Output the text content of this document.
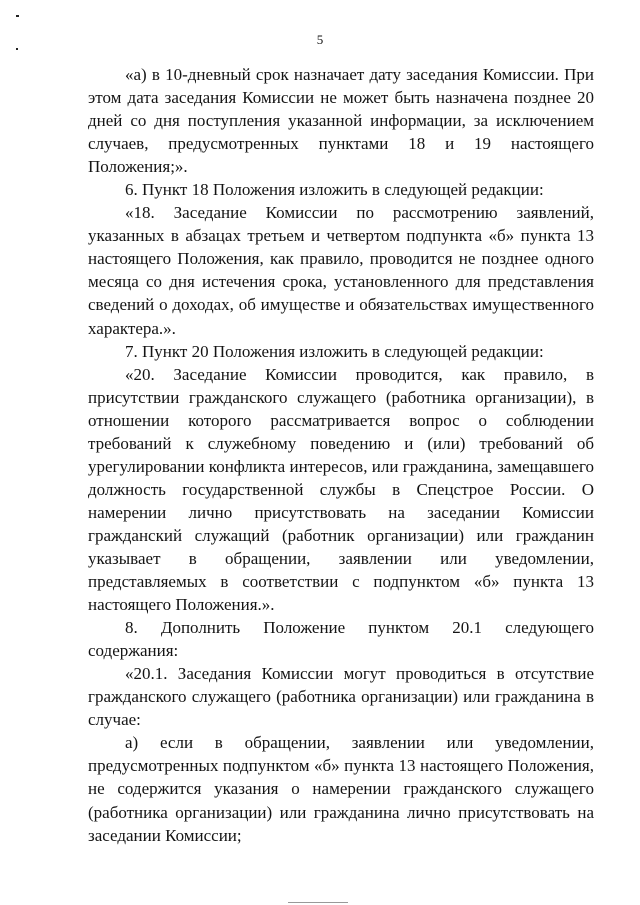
5

«а) в 10-дневный срок назначает дату заседания Комиссии. При этом дата заседания Комиссии не может быть назначена позднее 20 дней со дня поступления указанной информации, за исключением случаев, предусмотренных пунктами 18 и 19 настоящего Положения;».

6. Пункт 18 Положения изложить в следующей редакции:

«18. Заседание Комиссии по рассмотрению заявлений, указанных в абзацах третьем и четвертом подпункта «б» пункта 13 настоящего Положения, как правило, проводится не позднее одного месяца со дня истечения срока, установленного для представления сведений о доходах, об имуществе и обязательствах имущественного характера.».

7. Пункт 20 Положения изложить в следующей редакции:

«20. Заседание Комиссии проводится, как правило, в присутствии гражданского служащего (работника организации), в отношении которого рассматривается вопрос о соблюдении требований к служебному поведению и (или) требований об урегулировании конфликта интересов, или гражданина, замещавшего должность государственной службы в Спецстрое России. О намерении лично присутствовать на заседании Комиссии гражданский служащий (работник организации) или гражданин указывает в обращении, заявлении или уведомлении, представляемых в соответствии с подпунктом «б» пункта 13 настоящего Положения.».

8. Дополнить Положение пунктом 20.1 следующего содержания:

«20.1. Заседания Комиссии могут проводиться в отсутствие гражданского служащего (работника организации) или гражданина в случае:

а) если в обращении, заявлении или уведомлении, предусмотренных подпунктом «б» пункта 13 настоящего Положения, не содержится указания о намерении гражданского служащего (работника организации) или гражданина лично присутствовать на заседании Комиссии;
